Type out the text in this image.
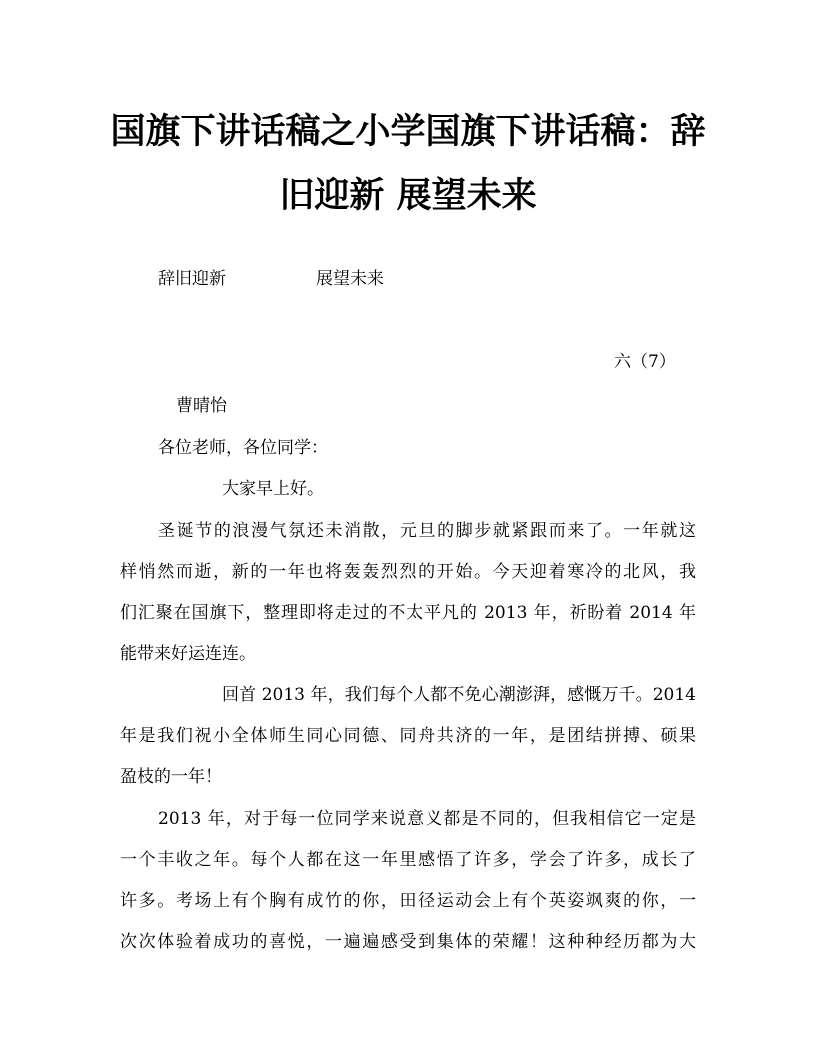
国旗下讲话稿之小学国旗下讲话稿：辞
旧迎新 展望未来
辞旧迎新	展望未来
六（7）
曹晴怡
各位老师，各位同学：
大家早上好。
圣诞节的浪漫气氛还未消散，元旦的脚步就紧跟而来了。一年就这
样悄然而逝，新的一年也将轰轰烈烈的开始。今天迎着寒冷的北风，我
们汇聚在国旗下，整理即将走过的不太平凡的 2013 年，祈盼着 2014 年
能带来好运连连。
回首 2013 年，我们每个人都不免心潮澎湃，感慨万千。2014
年是我们祝小全体师生同心同德、同舟共济的一年，是团结拼搏、硕果
盈枝的一年！
2013 年，对于每一位同学来说意义都是不同的，但我相信它一定是
一个丰收之年。每个人都在这一年里感悟了许多，学会了许多，成长了
许多。考场上有个胸有成竹的你，田径运动会上有个英姿飒爽的你，一
次次体验着成功的喜悦，一遍遍感受到集体的荣耀！这种种经历都为大
